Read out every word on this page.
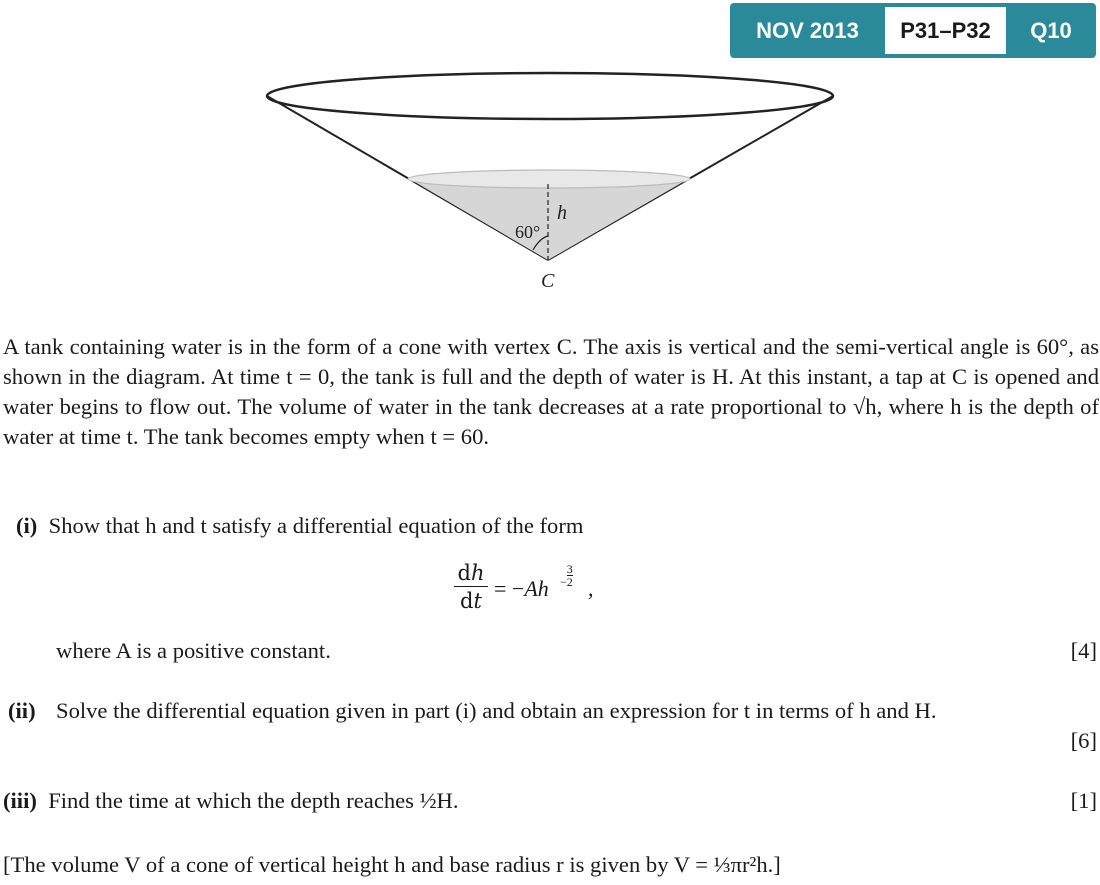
NOV 2013	P31–P32	Q10
60°
h
C
A tank containing water is in the form of a cone with vertex C. The axis is vertical and the semi-vertical angle is 60°, as shown in the diagram. At time t = 0, the tank is full and the depth of water is H. At this instant, a tap at C is opened and water begins to flow out. The volume of water in the tank decreases at a rate proportional to √h, where h is the depth of water at time t. The tank becomes empty when t = 60.
(i) Show that h and t satisfy a differential equation of the form
dh
dt = $-Ah - \frac{3}{2}$
,
where A is a positive constant.	[4]
(ii) Solve the differential equation given in part (i) and obtain an expression for t in terms of h and H.
[6]
(iii) Find the time at which the depth reaches ½H.	[1]
[The volume V of a cone of vertical height h and base radius r is given by V = ⅓πr²h.]
